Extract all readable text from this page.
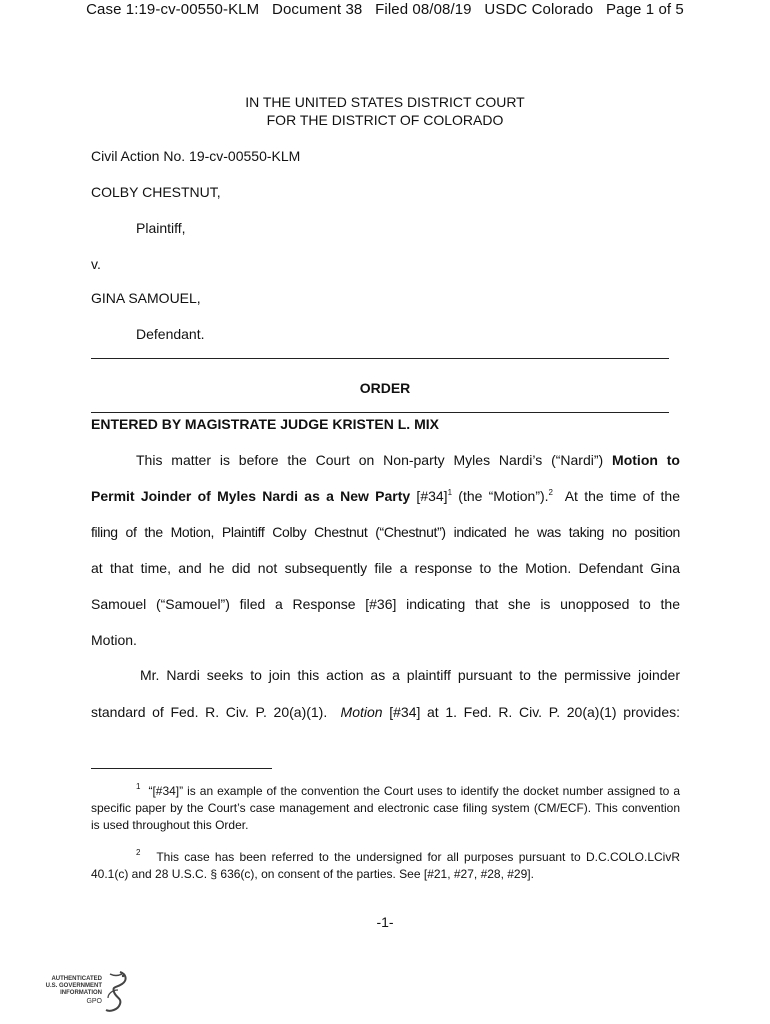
Case 1:19-cv-00550-KLM   Document 38   Filed 08/08/19   USDC Colorado   Page 1 of 5
IN THE UNITED STATES DISTRICT COURT
FOR THE DISTRICT OF COLORADO
Civil Action No. 19-cv-00550-KLM
COLBY CHESTNUT,
Plaintiff,
v.
GINA SAMOUEL,
Defendant.
ORDER
ENTERED BY MAGISTRATE JUDGE KRISTEN L. MIX
This matter is before the Court on Non-party Myles Nardi’s (“Nardi”) Motion to
Permit Joinder of Myles Nardi as a New Party [#34]$^1$ (the “Motion”).$^2$  At the time of the
filing of the Motion, Plaintiff Colby Chestnut (“Chestnut”) indicated he was taking no position
at that time, and he did not subsequently file a response to the Motion. Defendant Gina
Samouel (“Samouel”) filed a Response [#36] indicating that she is unopposed to the
Motion.
Mr. Nardi seeks to join this action as a plaintiff pursuant to the permissive joinder
standard of Fed. R. Civ. P. 20(a)(1).  Motion [#34] at 1. Fed. R. Civ. P. 20(a)(1) provides:
$^1$ “[#34]” is an example of the convention the Court uses to identify the docket number assigned to a specific paper by the Court’s case management and electronic case filing system (CM/ECF). This convention is used throughout this Order.
$^2$ This case has been referred to the undersigned for all purposes pursuant to D.C.COLO.LCivR 40.1(c) and 28 U.S.C. § 636(c), on consent of the parties. See [#21, #27, #28, #29].
-1-
AUTHENTICATED
U.S. GOVERNMENT
INFORMATION
GPO
